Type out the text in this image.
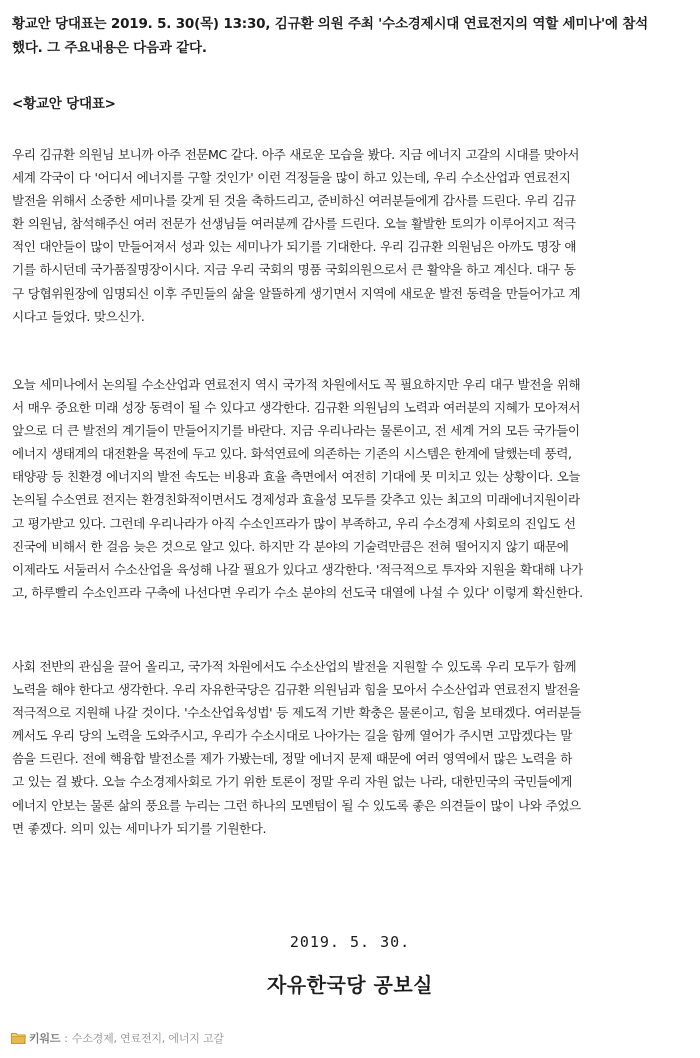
황교안 당대표는 2019. 5. 30(목) 13:30, 김규환 의원 주최 '수소경제시대 연료전지의 역할 세미나'에 참석
했다. 그 주요내용은 다음과 같다.
<황교안 당대표>
우리 김규환 의원님 보니까 아주 전문MC 같다. 아주 새로운 모습을 봤다. 지금 에너지 고갈의 시대를 맞아서
세계 각국이 다 '어디서 에너지를 구할 것인가' 이런 걱정들을 많이 하고 있는데, 우리 수소산업과 연료전지
발전을 위해서 소중한 세미나를 갖게 된 것을 축하드리고, 준비하신 여러분들에게 감사를 드린다. 우리 김규
환 의원님, 참석해주신 여러 전문가 선생님들 여러분께 감사를 드린다. 오늘 활발한 토의가 이루어지고 적극
적인 대안들이 많이 만들어져서 성과 있는 세미나가 되기를 기대한다. 우리 김규환 의원님은 아까도 명장 얘
기를 하시던데 국가품질명장이시다. 지금 우리 국회의 명품 국회의원으로서 큰 활약을 하고 계신다. 대구 동
구 당협위원장에 임명되신 이후 주민들의 삶을 알뜰하게 생기면서 지역에 새로운 발전 동력을 만들어가고 계
시다고 들었다. 맞으신가.
오늘 세미나에서 논의될 수소산업과 연료전지 역시 국가적 차원에서도 꼭 필요하지만 우리 대구 발전을 위해
서 매우 중요한 미래 성장 동력이 될 수 있다고 생각한다. 김규환 의원님의 노력과 여러분의 지혜가 모아져서
앞으로 더 큰 발전의 계기들이 만들어지기를 바란다. 지금 우리나라는 물론이고, 전 세계 거의 모든 국가들이
에너지 생태계의 대전환을 목전에 두고 있다. 화석연료에 의존하는 기존의 시스템은 한계에 달했는데 풍력,
태양광 등 친환경 에너지의 발전 속도는 비용과 효율 측면에서 여전히 기대에 못 미치고 있는 상황이다. 오늘
논의될 수소연료 전지는 환경친화적이면서도 경제성과 효율성 모두를 갖추고 있는 최고의 미래에너지원이라
고 평가받고 있다. 그런데 우리나라가 아직 수소인프라가 많이 부족하고, 우리 수소경제 사회로의 진입도 선
진국에 비해서 한 걸음 늦은 것으로 알고 있다. 하지만 각 분야의 기술력만큼은 전혀 떨어지지 않기 때문에
이제라도 서둘러서 수소산업을 육성해 나갈 필요가 있다고 생각한다. '적극적으로 투자와 지원을 확대해 나가
고, 하루빨리 수소인프라 구축에 나선다면 우리가 수소 분야의 선도국 대열에 나설 수 있다' 이렇게 확신한다.
사회 전반의 관심을 끌어 올리고, 국가적 차원에서도 수소산업의 발전을 지원할 수 있도록 우리 모두가 함께
노력을 해야 한다고 생각한다. 우리 자유한국당은 김규환 의원님과 힘을 모아서 수소산업과 연료전지 발전을
적극적으로 지원해 나갈 것이다. '수소산업육성법' 등 제도적 기반 확충은 물론이고, 힘을 보태겠다. 여러분들
께서도 우리 당의 노력을 도와주시고, 우리가 수소시대로 나아가는 길을 함께 열어가 주시면 고맙겠다는 말
씀을 드린다. 전에 핵융합 발전소를 제가 가봤는데, 정말 에너지 문제 때문에 여러 영역에서 많은 노력을 하
고 있는 걸 봤다. 오늘 수소경제사회로 가기 위한 토론이 정말 우리 자원 없는 나라, 대한민국의 국민들에게
에너지 안보는 물론 삶의 풍요를 누리는 그런 하나의 모멘텀이 될 수 있도록 좋은 의견들이 많이 나와 주었으
면 좋겠다. 의미 있는 세미나가 되기를 기원한다.
2019. 5. 30.
자유한국당 공보실
키워드 : 수소경제, 연료전지, 에너지 고갈
